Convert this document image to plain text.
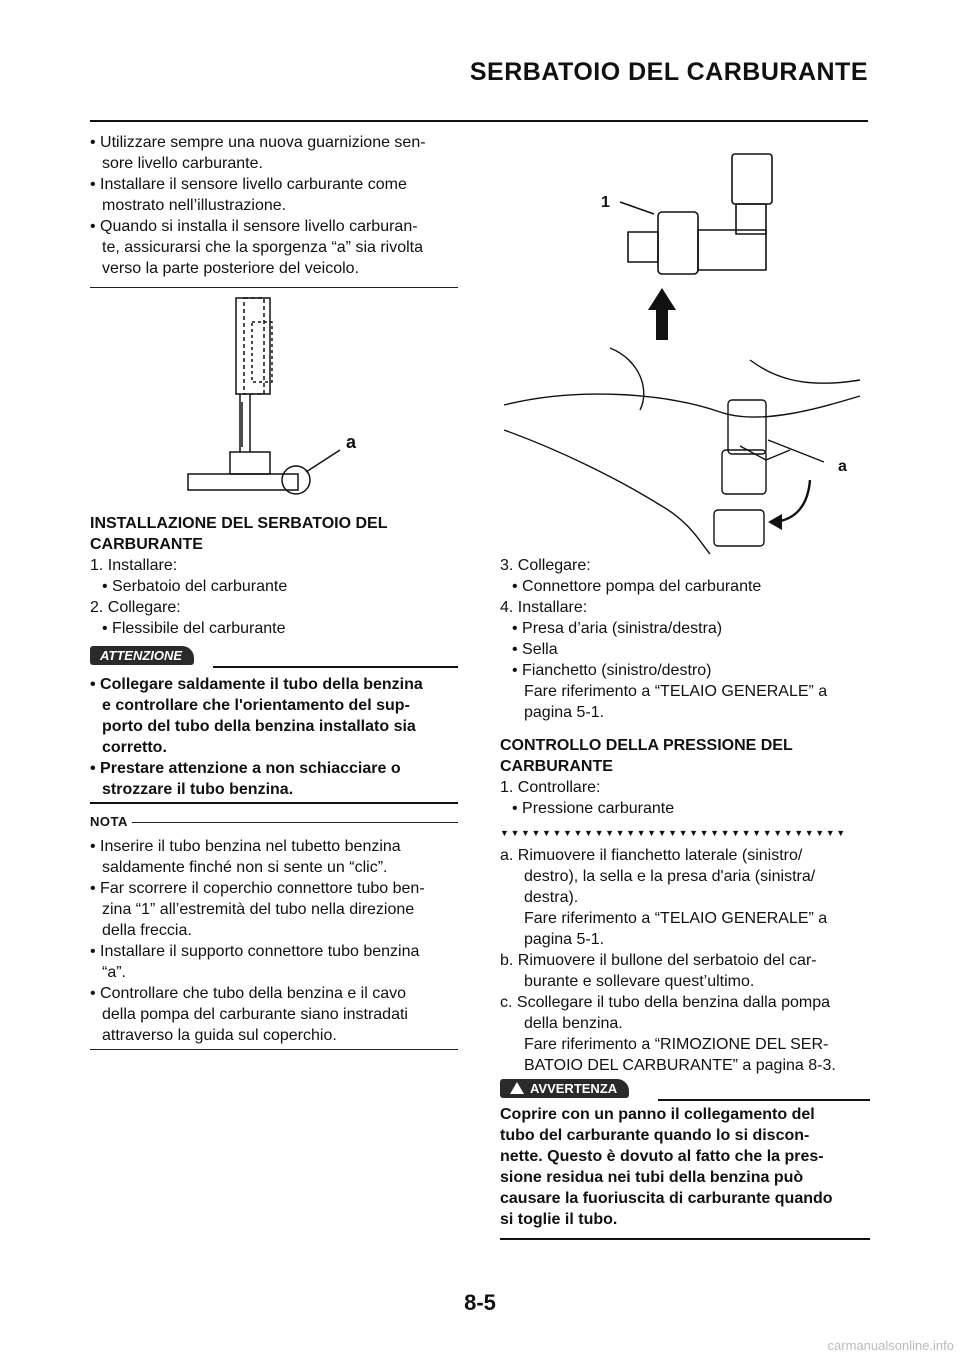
SERBATOIO DEL CARBURANTE
• Utilizzare sempre una nuova guarnizione sen-
sore livello carburante.
• Installare il sensore livello carburante come
mostrato nell’illustrazione.
• Quando si installa il sensore livello carburan-
te, assicurarsi che la sporgenza “a” sia rivolta
verso la parte posteriore del veicolo.
a
INSTALLAZIONE DEL SERBATOIO DEL
CARBURANTE
1. Installare:
• Serbatoio del carburante
2. Collegare:
• Flessibile del carburante
ATTENZIONE
• Collegare saldamente il tubo della benzina
e controllare che l'orientamento del sup-
porto del tubo della benzina installato sia
corretto.
• Prestare attenzione a non schiacciare o
strozzare il tubo benzina.
NOTA
• Inserire il tubo benzina nel tubetto benzina
saldamente finché non si sente un “clic”.
• Far scorrere il coperchio connettore tubo ben-
zina “1” all’estremità del tubo nella direzione
della freccia.
• Installare il supporto connettore tubo benzina
“a”.
• Controllare che tubo della benzina e il cavo
della pompa del carburante siano instradati
attraverso la guida sul coperchio.
1
a
3. Collegare:
• Connettore pompa del carburante
4. Installare:
• Presa d’aria (sinistra/destra)
• Sella
• Fianchetto (sinistro/destro)
Fare riferimento a “TELAIO GENERALE” a
pagina 5-1.
CONTROLLO DELLA PRESSIONE DEL
CARBURANTE
1. Controllare:
• Pressione carburante
▼▼▼▼▼▼▼▼▼▼▼▼▼▼▼▼▼▼▼▼▼▼▼▼▼▼▼▼▼▼▼▼▼
a. Rimuovere il fianchetto laterale (sinistro/
destro), la sella e la presa d'aria (sinistra/
destra).
Fare riferimento a “TELAIO GENERALE” a
pagina 5-1.
b. Rimuovere il bullone del serbatoio del car-
burante e sollevare quest’ultimo.
c. Scollegare il tubo della benzina dalla pompa
della benzina.
Fare riferimento a “RIMOZIONE DEL SER-
BATOIO DEL CARBURANTE” a pagina 8-3.
AVVERTENZA
Coprire con un panno il collegamento del
tubo del carburante quando lo si discon-
nette. Questo è dovuto al fatto che la pres-
sione residua nei tubi della benzina può
causare la fuoriuscita di carburante quando
si toglie il tubo.
8-5
carmanualsonline.info
